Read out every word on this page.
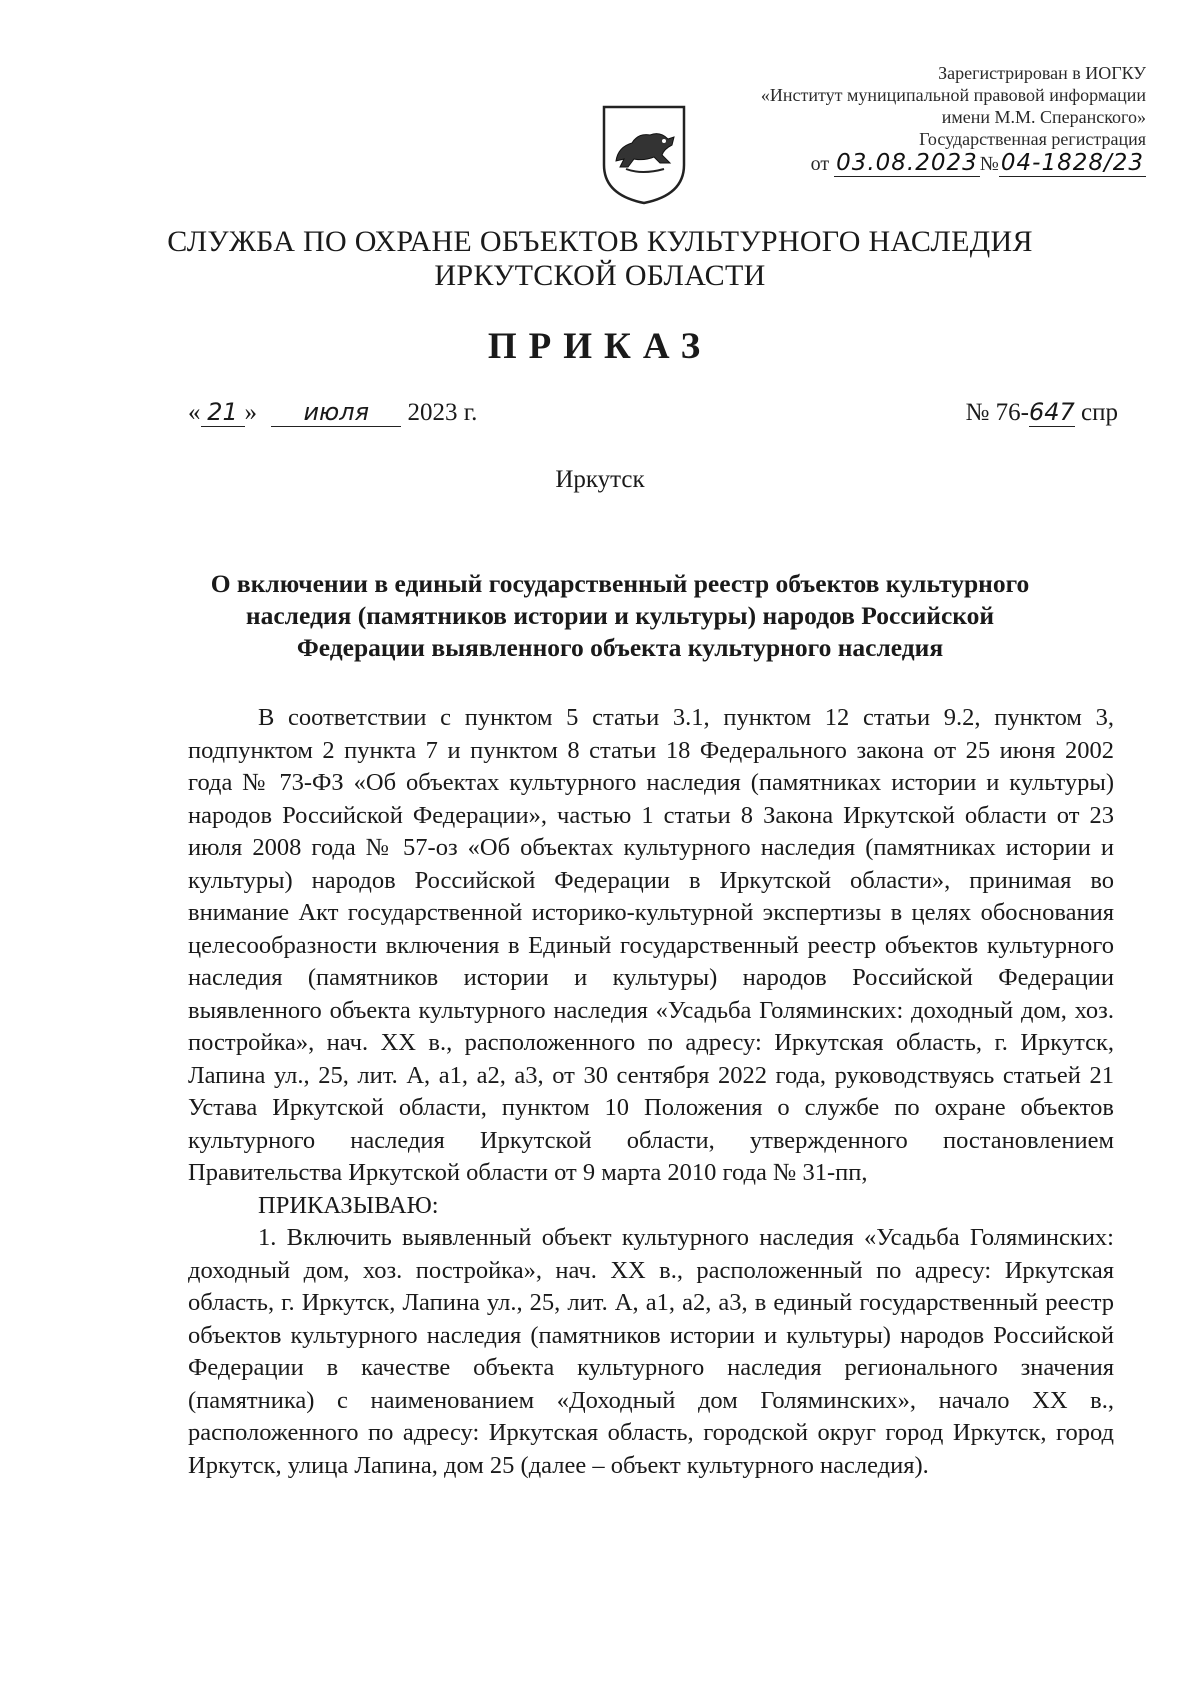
Зарегистрирован в ИОГКУ
«Институт муниципальной правовой информации
имени М.М. Сперанского»
Государственная регистрация
от 03.08.2023 №04-1828/23
СЛУЖБА ПО ОХРАНЕ ОБЪЕКТОВ КУЛЬТУРНОГО НАСЛЕДИЯ
ИРКУТСКОЙ ОБЛАСТИ
ПРИКАЗ
« 21 » июля 2023 г.	№ 76-647 спр
Иркутск
О включении в единый государственный реестр объектов культурного наследия (памятников истории и культуры) народов Российской Федерации выявленного объекта культурного наследия

В соответствии с пунктом 5 статьи 3.1, пунктом 12 статьи 9.2, пунктом 3, подпунктом 2 пункта 7 и пунктом 8 статьи 18 Федерального закона от 25 июня 2002 года № 73-ФЗ «Об объектах культурного наследия (памятниках истории и культуры) народов Российской Федерации», частью 1 статьи 8 Закона Иркутской области от 23 июля 2008 года № 57-оз «Об объектах культурного наследия (памятниках истории и культуры) народов Российской Федерации в Иркутской области», принимая во внимание Акт государственной историко-культурной экспертизы в целях обоснования целесообразности включения в Единый государственный реестр объектов культурного наследия (памятников истории и культуры) народов Российской Федерации выявленного объекта культурного наследия «Усадьба Голяминских: доходный дом, хоз. постройка», нач. XX в., расположенного по адресу: Иркутская область, г. Иркутск, Лапина ул., 25, лит. А, а1, а2, а3, от 30 сентября 2022 года, руководствуясь статьей 21 Устава Иркутской области, пунктом 10 Положения о службе по охране объектов культурного наследия Иркутской области, утвержденного постановлением Правительства Иркутской области от 9 марта 2010 года № 31-пп,

ПРИКАЗЫВАЮ:

1. Включить выявленный объект культурного наследия «Усадьба Голяминских: доходный дом, хоз. постройка», нач. XX в., расположенный по адресу: Иркутская область, г. Иркутск, Лапина ул., 25, лит. А, а1, а2, а3, в единый государственный реестр объектов культурного наследия (памятников истории и культуры) народов Российской Федерации в качестве объекта культурного наследия регионального значения (памятника) с наименованием «Доходный дом Голяминских», начало XX в., расположенного по адресу: Иркутская область, городской округ город Иркутск, город Иркутск, улица Лапина, дом 25 (далее – объект культурного наследия).
